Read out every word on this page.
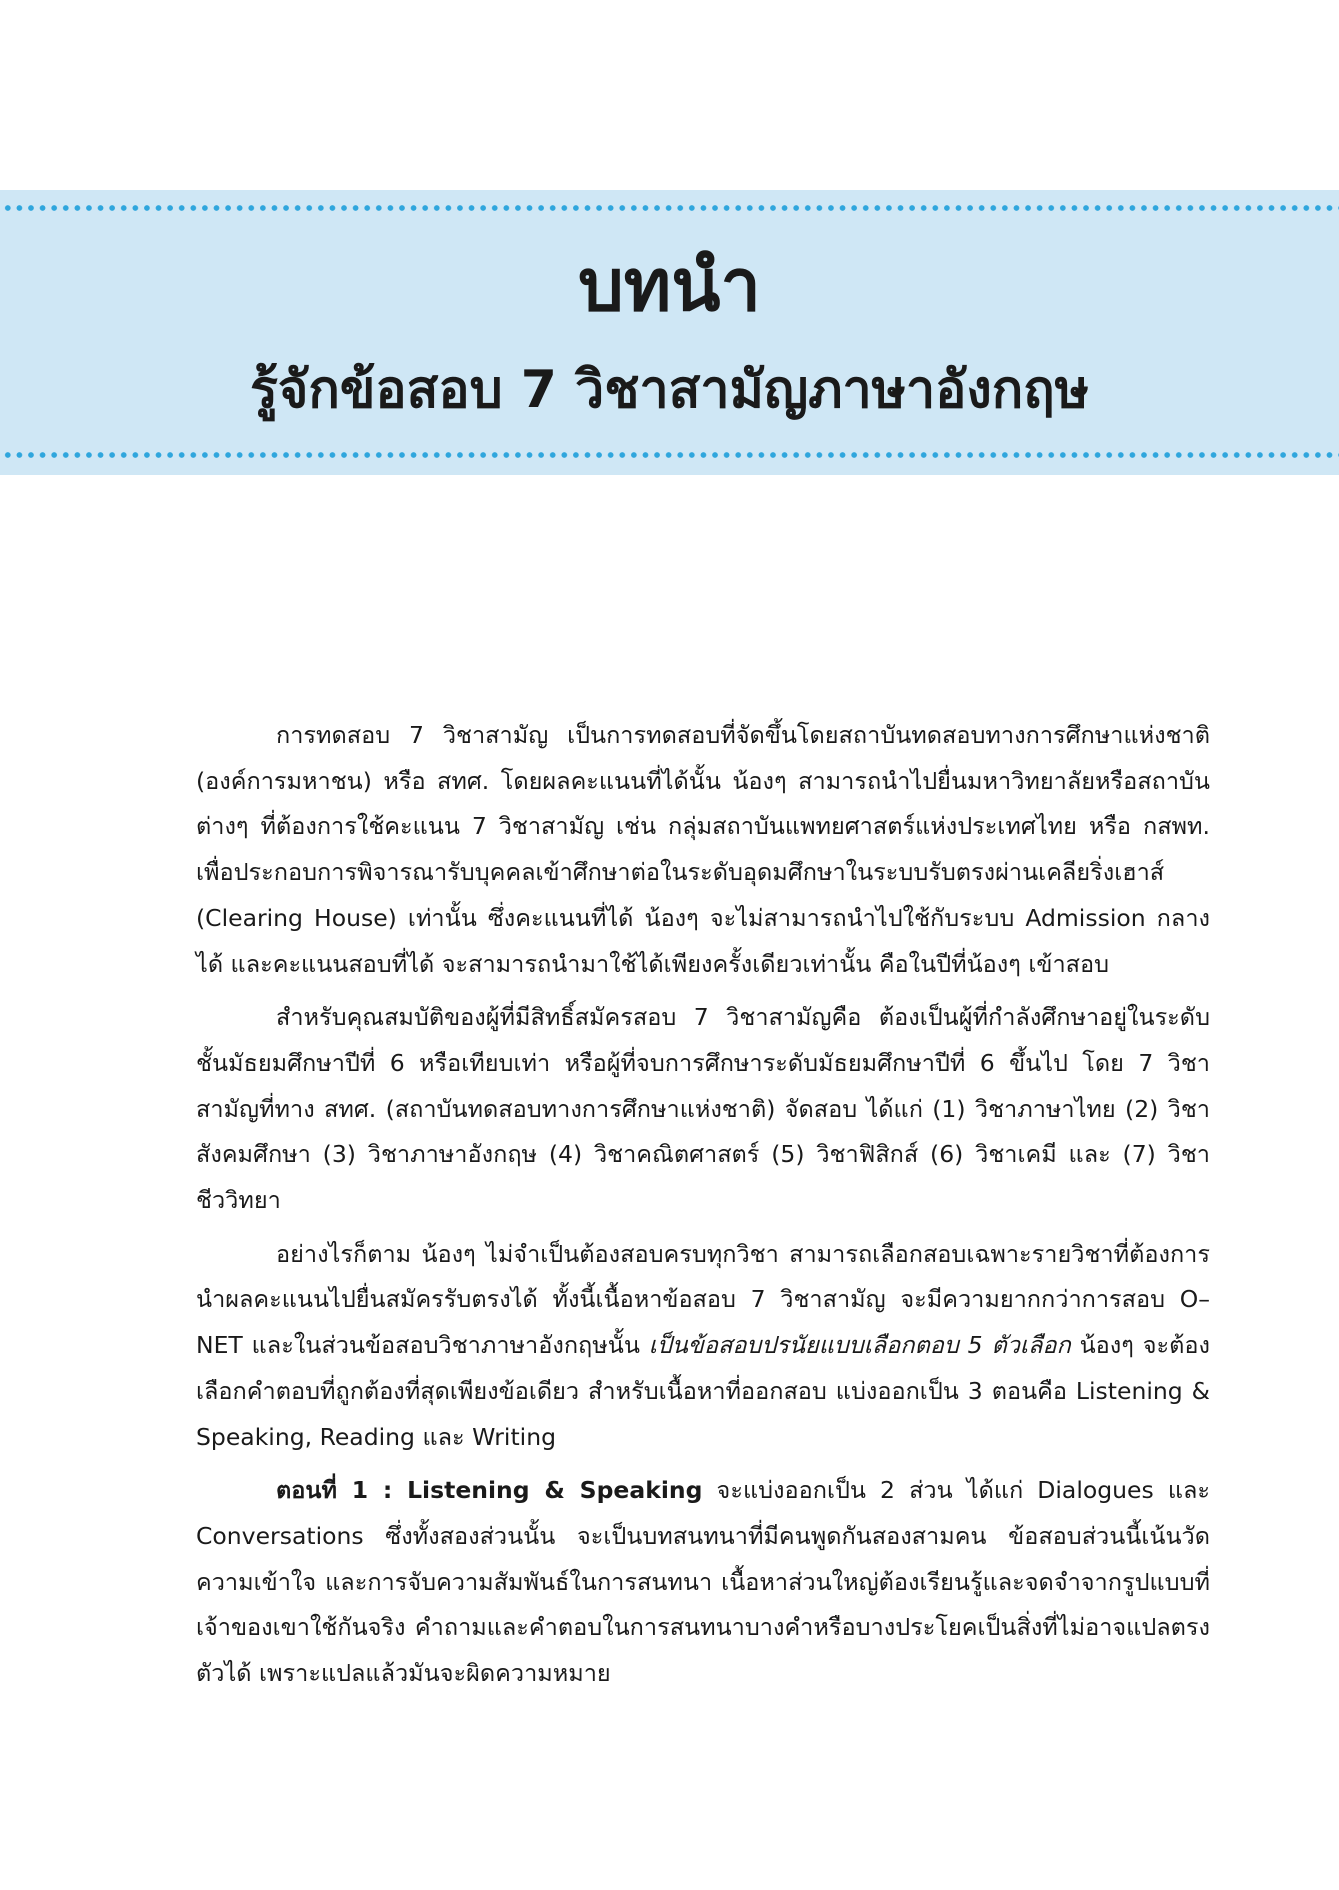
บทนำ
รู้จักข้อสอบ 7 วิชาสามัญภาษาอังกฤษ

การทดสอบ 7 วิชาสามัญ เป็นการทดสอบที่จัดขึ้นโดยสถาบันทดสอบทางการศึกษาแห่งชาติ (องค์การมหาชน) หรือ สทศ. โดยผลคะแนนที่ได้นั้น น้องๆ สามารถนำไปยื่นมหาวิทยาลัยหรือสถาบันต่างๆ ที่ต้องการใช้คะแนน 7 วิชาสามัญ เช่น กลุ่มสถาบันแพทยศาสตร์แห่งประเทศไทย หรือ กสพท. เพื่อประกอบการพิจารณารับบุคคลเข้าศึกษาต่อในระดับอุดมศึกษาในระบบรับตรงผ่านเคลียริ่งเฮาส์ (Clearing House) เท่านั้น ซึ่งคะแนนที่ได้ น้องๆ จะไม่สามารถนำไปใช้กับระบบ Admission กลางได้ และคะแนนสอบที่ได้ จะสามารถนำมาใช้ได้เพียงครั้งเดียวเท่านั้น คือในปีที่น้องๆ เข้าสอบ

สำหรับคุณสมบัติของผู้ที่มีสิทธิ์สมัครสอบ 7 วิชาสามัญคือ ต้องเป็นผู้ที่กำลังศึกษาอยู่ในระดับชั้นมัธยมศึกษาปีที่ 6 หรือเทียบเท่า หรือผู้ที่จบการศึกษาระดับมัธยมศึกษาปีที่ 6 ขึ้นไป โดย 7 วิชาสามัญที่ทาง สทศ. (สถาบันทดสอบทางการศึกษาแห่งชาติ) จัดสอบ ได้แก่ (1) วิชาภาษาไทย (2) วิชาสังคมศึกษา (3) วิชาภาษาอังกฤษ (4) วิชาคณิตศาสตร์ (5) วิชาฟิสิกส์ (6) วิชาเคมี และ (7) วิชาชีววิทยา

อย่างไรก็ตาม น้องๆ ไม่จำเป็นต้องสอบครบทุกวิชา สามารถเลือกสอบเฉพาะรายวิชาที่ต้องการนำผลคะแนนไปยื่นสมัครรับตรงได้ ทั้งนี้เนื้อหาข้อสอบ 7 วิชาสามัญ จะมีความยากกว่าการสอบ O–NET และในส่วนข้อสอบวิชาภาษาอังกฤษนั้น เป็นข้อสอบปรนัยแบบเลือกตอบ 5 ตัวเลือก น้องๆ จะต้องเลือกคำตอบที่ถูกต้องที่สุดเพียงข้อเดียว สำหรับเนื้อหาที่ออกสอบ แบ่งออกเป็น 3 ตอนคือ Listening & Speaking, Reading และ Writing

ตอนที่ 1 : Listening & Speaking จะแบ่งออกเป็น 2 ส่วน ได้แก่ Dialogues และ Conversations ซึ่งทั้งสองส่วนนั้น จะเป็นบทสนทนาที่มีคนพูดกันสองสามคน ข้อสอบส่วนนี้เน้นวัดความเข้าใจ และการจับความสัมพันธ์ในการสนทนา เนื้อหาส่วนใหญ่ต้องเรียนรู้และจดจำจากรูปแบบที่เจ้าของเขาใช้กันจริง คำถามและคำตอบในการสนทนาบางคำหรือบางประโยคเป็นสิ่งที่ไม่อาจแปลตรงตัวได้ เพราะแปลแล้วมันจะผิดความหมาย
